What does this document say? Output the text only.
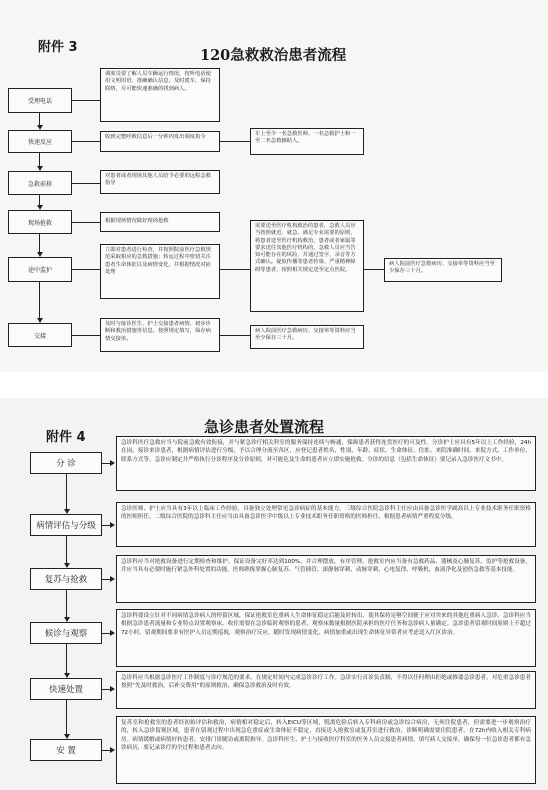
附件 3	120急救救治患者流程
受理电话
快速反应
急救前移
现场抢救
途中监护
交接
调度员要了解人员车辆运行情况，按听电话使用文明用语，准确确认信息，及时派车，保持联络，尽可能快速准确的找到病人。
收到完整呼救信息后一分钟内发出调度指令
对患者或者现场其他人员给予必要的远程急救指导
根据现场情况做好现场抢救
立即对患者进行检查，并按照院前医疗急救规范采取相应的急救措施；转运过程中密切关注患者生命体征以及病情变化，并根据情况对症处理
及时与接诊医生、护士交接患者病情、初步诊断和救治措施等信息，按照规定填写，保存病情交接单。
车上至少一名急救医师、一名急救护士和一至二名急救辅助人。
需要送至医疗机构救治的患者，急救人员应当按照就近、就急、满足专业需要的原则，将患者送至医疗机构救治，患者或者家属等要求送往其他医疗机构的，急救人员应当告知可能存在的风险，并通过签字、录音等方式确认。疑似传播等患者传染、严重精神障碍等患者，按照相关规定送至定点医院。
病人院前医疗急救病历、交接单等资料应当至少保存三十月。
病人院前医疗急救病历、交接单等资料应当至少保存三十月。
附件 4
急诊患者处置流程
分 诊
病情评估与分级
复苏与抢救
候诊与观察
快速处置
安 置
急诊科医疗急救应当与院前急救有效衔接，并与紧急诊疗相关科室的服务保持连续与畅通，保障患者获得连贯医疗的可及性。分诊护士应具有5年以上工作经验，24h在岗，接诊来诊患者，根据病情评估进行分级，予以合理分流至各区，应登记患者姓名、性别、年龄、症状、生命体征、住址、来院准确时间、来院方式、工作单位、联系方式等。急诊应制定并严格执行分诊程序及分诊原则，对可能危及生命的患者应立即实施抢救。分诊的信息（包括生命体征）要记录入急诊医疗文书中。
急诊医师、护士应当具有3年以上临床工作经验，具备独立处理常见急诊病症的基本能力。三级综合医院急诊科主任应由具备急诊医学副高以上专业技术职务任职资格的医师担任，二级综合医院的急诊科主任应当由具备急诊医学中级以上专业技术职务任职资格的医师担任，根据患者病情严重程度分级。
急诊科应当对抢救设备进行定期检查和维护，保证设备完好率达到100%，并合理摆放，有序管理。抢救室内应当备有急救药品、器械及心肺复苏、监护等抢救设备，并应当具有必要时施行紧急外科处置的功能。医师熟练掌握心肺复苏、气管插管、深静脉穿刺、动脉穿刺、心电复律、呼吸机、血液净化及创伤急救等基本技能。
急诊科要设立针对不同病情急诊病人的停留区域，保证抢救室危重病人生命体征稳定后能及时转出，使其保持足够空间便于应对突来的其他危重病人急诊。急诊科应当根据急诊患者流量和专业特点设置观察床，收住需要在急诊临时观察的患者，观察床数量根据医院承担的医疗任务和急诊病人量确定。急诊患者留观时间原则上不超过72小时。留观期间要求有医护人员定期巡视，观察治疗反应，随时发现病情变化，病情加重或出现生命体征异常者应考虑送入红区诊治。
急诊科应当根据急诊医疗工作制度与诊疗规范的要求，在规定时间内完成急诊诊疗工作。急诊实行首诊负责制，不得以任何理由拒绝或推诿急诊患者，对危重急诊患者按照“先及时救治，后补交费用”的原则救治，确保急诊救治及时有效。
复苏室和抢救室的患者经初始评估和救治，病情相对稳定后，转入EICU等区域，脱离危险后转入专科病房或急诊综合病房，无须住院患者，但需要进一步观察治疗的，转入急诊留观区域，患者在留观过程中出现急危重症或生命体征不稳定，直接送入抢救室或复苏室进行救治，诊断明确需要住院患者，在72h内收入相关专科病房。病情缓解或病情好转患者，安排门诊随访或离院指导。急诊科医生、护士与接收医疗科室的医务人员交接患者病情，填写病人交接单，确保每一位急诊患者都有急诊病历，要记录诊疗的全过程和患者去向。
